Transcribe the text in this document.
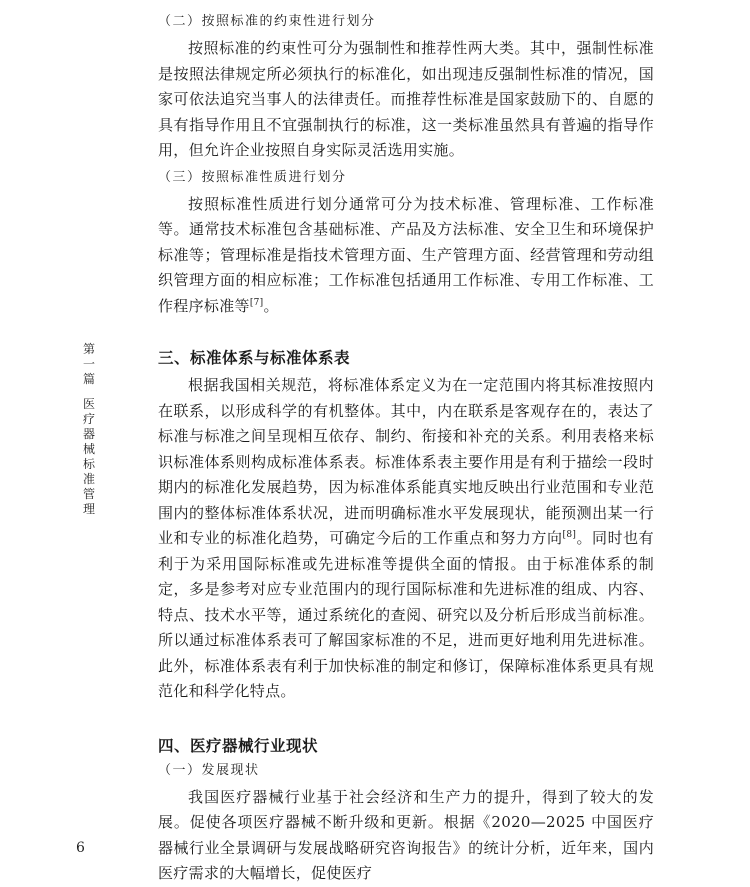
第
一
篇
医
疗
器
械
标
准
管
理

（二）按照标准的约束性进行划分

按照标准的约束性可分为强制性和推荐性两大类。其中，强制性标准是按照法律规定所必须执行的标准化，如出现违反强制性标准的情况，国家可依法追究当事人的法律责任。而推荐性标准是国家鼓励下的、自愿的具有指导作用且不宜强制执行的标准，这一类标准虽然具有普遍的指导作用，但允许企业按照自身实际灵活选用实施。

（三）按照标准性质进行划分

按照标准性质进行划分通常可分为技术标准、管理标准、工作标准等。通常技术标准包含基础标准、产品及方法标准、安全卫生和环境保护标准等；管理标准是指技术管理方面、生产管理方面、经营管理和劳动组织管理方面的相应标准；工作标准包括通用工作标准、专用工作标准、工作程序标准等[7]。

三、标准体系与标准体系表

根据我国相关规范，将标准体系定义为在一定范围内将其标准按照内在联系，以形成科学的有机整体。其中，内在联系是客观存在的，表达了标准与标准之间呈现相互依存、制约、衔接和补充的关系。利用表格来标识标准体系则构成标准体系表。标准体系表主要作用是有利于描绘一段时期内的标准化发展趋势，因为标准体系能真实地反映出行业范围和专业范围内的整体标准体系状况，进而明确标准水平发展现状，能预测出某一行业和专业的标准化趋势，可确定今后的工作重点和努力方向[8]。同时也有利于为采用国际标准或先进标准等提供全面的情报。由于标准体系的制定，多是参考对应专业范围内的现行国际标准和先进标准的组成、内容、特点、技术水平等，通过系统化的查阅、研究以及分析后形成当前标准。所以通过标准体系表可了解国家标准的不足，进而更好地利用先进标准。此外，标准体系表有利于加快标准的制定和修订，保障标准体系更具有规范化和科学化特点。

四、医疗器械行业现状

（一）发展现状

我国医疗器械行业基于社会经济和生产力的提升，得到了较大的发展。促使各项医疗器械不断升级和更新。根据《2020—2025 中国医疗器械行业全景调研与发展战略研究咨询报告》的统计分析，近年来，国内医疗需求的大幅增长，促使医疗

6
